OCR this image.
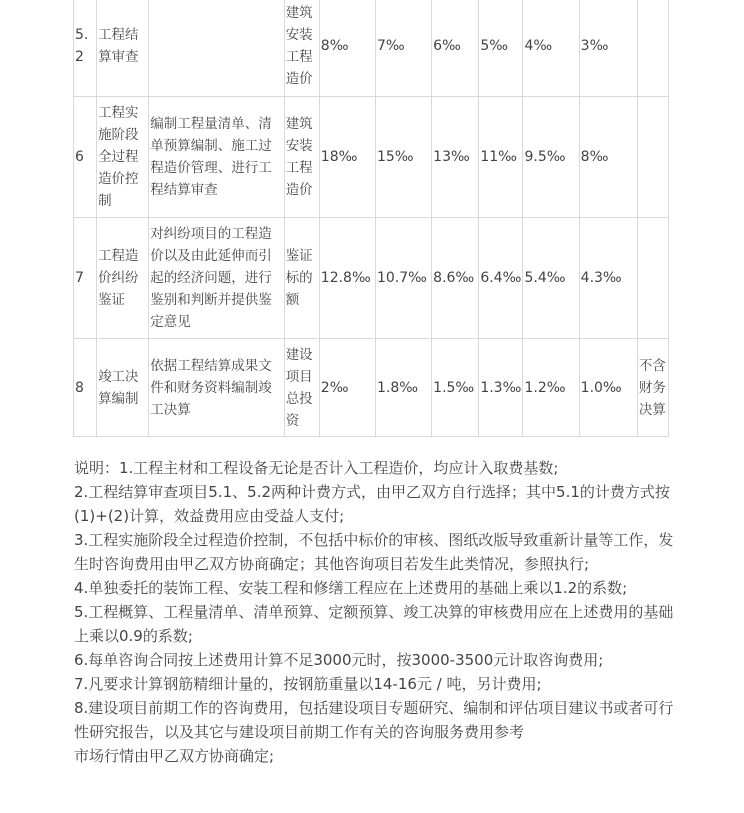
5.2	工程结算审查		建筑安装工程造价	8‰	7‰	6‰	5‰	4‰	3‰	
6	工程实施阶段全过程造价控制	编制工程量清单、清单预算编制、施工过程造价管理、进行工程结算审查	建筑安装工程造价	18‰	15‰	13‰	11‰	9.5‰	8‰	
7	工程造价纠纷鉴证	对纠纷项目的工程造价以及由此延伸而引起的经济问题，进行鉴别和判断并提供鉴定意见	鉴证标的额	12.8‰	10.7‰	8.6‰	6.4‰	5.4‰	4.3‰	
8	竣工决算编制	依据工程结算成果文件和财务资料编制竣工决算	建设项目总投资	2‰	1.8‰	1.5‰	1.3‰	1.2‰	1.0‰	不含财务决算

说明：1.工程主材和工程设备无论是否计入工程造价，均应计入取费基数;

2.工程结算审查项目5.1、5.2两种计费方式，由甲乙双方自行选择；其中5.1的计费方式按(1)+(2)计算，效益费用应由受益人支付;

3.工程实施阶段全过程造价控制，不包括中标价的审核、图纸改版导致重新计量等工作，发生时咨询费用由甲乙双方协商确定；其他咨询项目若发生此类情况，参照执行;

4.单独委托的装饰工程、安装工程和修缮工程应在上述费用的基础上乘以1.2的系数;

5.工程概算、工程量清单、清单预算、定额预算、竣工决算的审核费用应在上述费用的基础上乘以0.9的系数;

6.每单咨询合同按上述费用计算不足3000元时，按3000-3500元计取咨询费用;

7.凡要求计算钢筋精细计量的，按钢筋重量以14-16元 / 吨，另计费用;

8.建设项目前期工作的咨询费用，包括建设项目专题研究、编制和评估项目建议书或者可行性研究报告，以及其它与建设项目前期工作有关的咨询服务费用参考

市场行情由甲乙双方协商确定;
